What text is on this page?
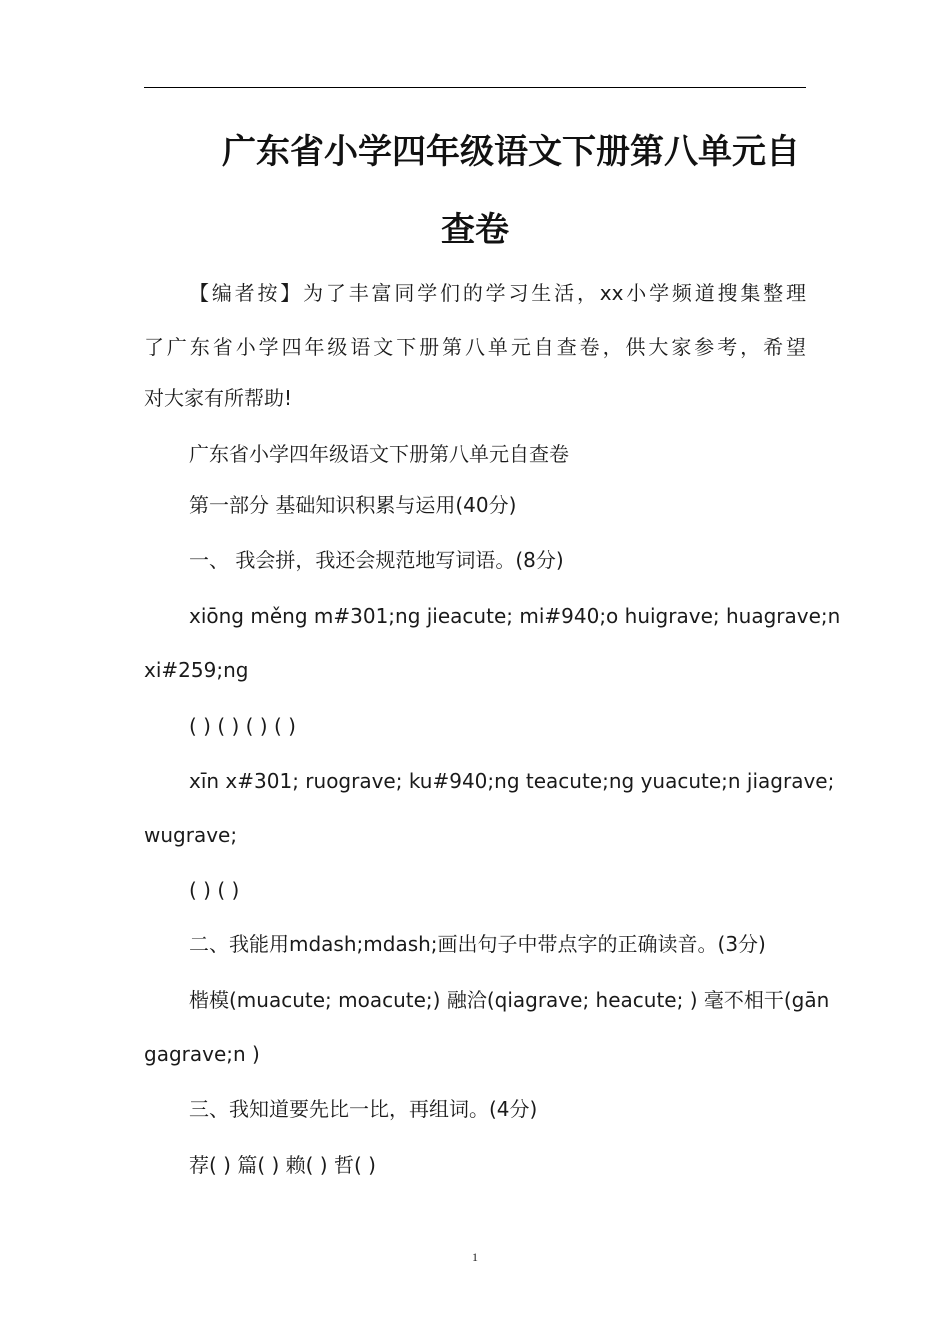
广东省小学四年级语文下册第八单元自
查卷
【编者按】为了丰富同学们的学习生活，xx小学频道搜集整理
了广东省小学四年级语文下册第八单元自查卷，供大家参考，希望
对大家有所帮助!
广东省小学四年级语文下册第八单元自查卷
第一部分 基础知识积累与运用(40分)
一、 我会拼，我还会规范地写词语。(8分)
xiōng měng m#301;ng jieacute; mi#940;o huigrave; huagrave;n
xi#259;ng
( ) ( ) ( ) ( )
xīn x#301; ruograve; ku#940;ng teacute;ng yuacute;n jiagrave;
wugrave;
( ) ( )
二、我能用mdash;mdash;画出句子中带点字的正确读音。(3分)
楷模(muacute; moacute;) 融洽(qiagrave; heacute; ) 毫不相干(gān
gagrave;n )
三、我知道要先比一比，再组词。(4分)
荐( ) 篇( ) 赖( ) 哲( )
1
